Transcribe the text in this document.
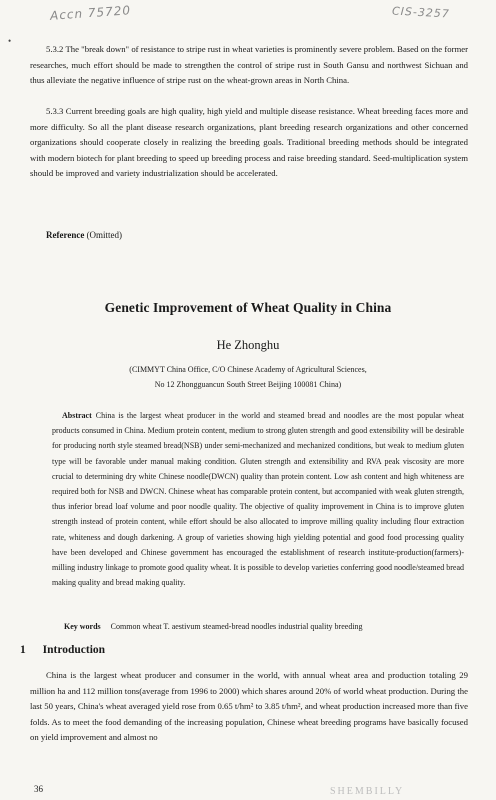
Accn 75720	CIS-3257
•

5.3.2 The "break down" of resistance to stripe rust in wheat varieties is prominently severe problem. Based on the former researches, much effort should be made to strengthen the control of stripe rust in South Gansu and northwest Sichuan and thus alleviate the negative influence of stripe rust on the wheat-grown areas in North China.

5.3.3 Current breeding goals are high quality, high yield and multiple disease resistance. Wheat breeding faces more and more difficulty. So all the plant disease research organizations, plant breeding research organizations and other concerned organizations should cooperate closely in realizing the breeding goals. Traditional breeding methods should be integrated with modern biotech for plant breeding to speed up breeding process and raise breeding standard. Seed-multiplication system should be improved and variety industrialization should be accelerated.

Reference (Omitted)
Genetic Improvement of Wheat Quality in China
He Zhonghu
(CIMMYT China Office, C/O Chinese Academy of Agricultural Sciences,
No 12 Zhongguancun South Street Beijing 100081 China)

Abstract China is the largest wheat producer in the world and steamed bread and noodles are the most popular wheat products consumed in China. Medium protein content, medium to strong gluten strength and good extensibility will be desirable for producing north style steamed bread(NSB) under semi-mechanized and mechanized conditions, but weak to medium gluten type will be favorable under manual making condition. Gluten strength and extensibility and RVA peak viscosity are more crucial to determining dry white Chinese noodle(DWCN) quality than protein content. Low ash content and high whiteness are required both for NSB and DWCN. Chinese wheat has comparable protein content, but accompanied with weak gluten strength, thus inferior bread loaf volume and poor noodle quality. The objective of quality improvement in China is to improve gluten strength instead of protein content, while effort should be also allocated to improve milling quality including flour extraction rate, whiteness and dough darkening. A group of varieties showing high yielding potential and good food processing quality have been developed and Chinese government has encouraged the establishment of research institute-production(farmers)-milling industry linkage to promote good quality wheat. It is possible to develop varieties conferring good noodle/steamed bread making quality and bread making quality.

Key words Common wheat T. aestivum steamed-bread noodles industrial quality breeding
1 Introduction

China is the largest wheat producer and consumer in the world, with annual wheat area and production totaling 29 million ha and 112 million tons(average from 1996 to 2000) which shares around 20% of world wheat production. During the last 50 years, China's wheat averaged yield rose from 0.65 t/hm² to 3.85 t/hm², and wheat production increased more than five folds. As to meet the food demanding of the increasing population, Chinese wheat breeding programs have basically focused on yield improvement and almost no

36	SHEMBILLY
